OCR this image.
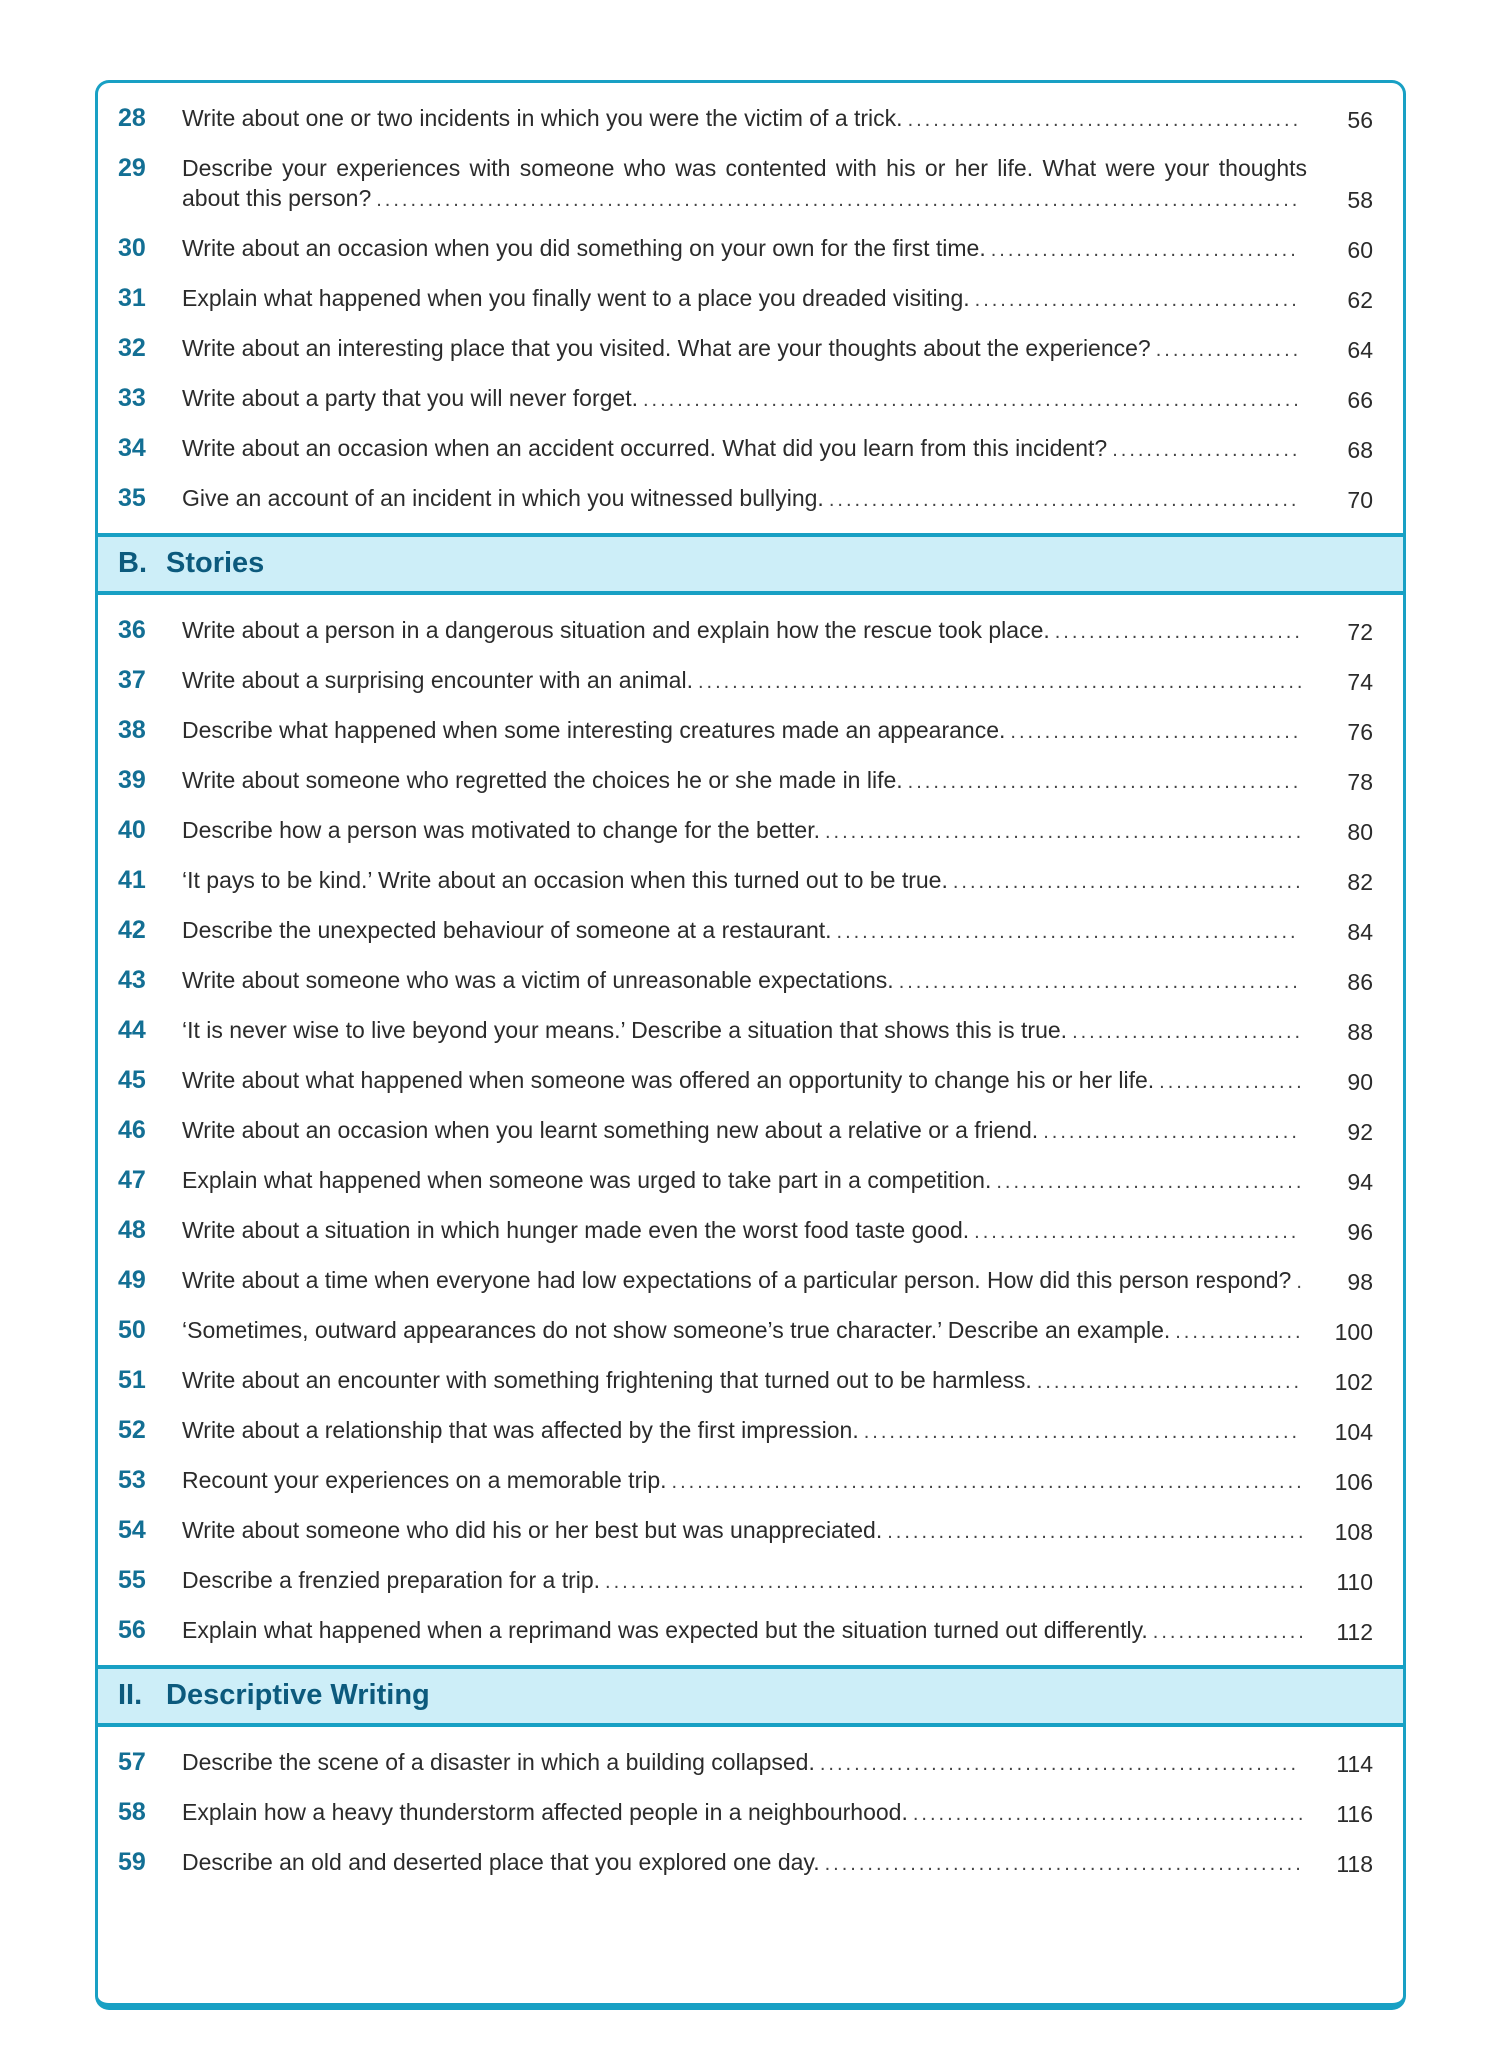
28	Write about one or two incidents in which you were the victim of a trick. .............................................. 56
29	Describe your experiences with someone who was contented with his or her life. What were your thoughts about this person? ............................................................................................................ 58
30	Write about an occasion when you did something on your own for the first time. .................................... 60
31	Explain what happened when you finally went to a place you dreaded visiting. ...................................... 62
32	Write about an interesting place that you visited. What are your thoughts about the experience? ................. 64
33	Write about a party that you will never forget. ............................................................................. 66
34	Write about an occasion when an accident occurred. What did you learn from this incident? ...................... 68
35	Give an account of an incident in which you witnessed bullying. ....................................................... 70
B. Stories
36	Write about a person in a dangerous situation and explain how the rescue took place. ............................. 72
37	Write about a surprising encounter with an animal. ....................................................................... 74
38	Describe what happened when some interesting creatures made an appearance. .................................. 76
39	Write about someone who regretted the choices he or she made in life. .............................................. 78
40	Describe how a person was motivated to change for the better. ........................................................ 80
41	‘It pays to be kind.’ Write about an occasion when this turned out to be true. ......................................... 82
42	Describe the unexpected behaviour of someone at a restaurant. ...................................................... 84
43	Write about someone who was a victim of unreasonable expectations. ............................................... 86
44	‘It is never wise to live beyond your means.’ Describe a situation that shows this is true. ........................... 88
45	Write about what happened when someone was offered an opportunity to change his or her life. ................. 90
46	Write about an occasion when you learnt something new about a relative or a friend. .............................. 92
47	Explain what happened when someone was urged to take part in a competition. .................................... 94
48	Write about a situation in which hunger made even the worst food taste good. ...................................... 96
49	Write about a time when everyone had low expectations of a particular person. How did this person respond? . 98
50	‘Sometimes, outward appearances do not show someone’s true character.’ Describe an example. ............... 100
51	Write about an encounter with something frightening that turned out to be harmless. ............................... 102
52	Write about a relationship that was affected by the first impression. ................................................... 104
53	Recount your experiences on a memorable trip. .......................................................................... 106
54	Write about someone who did his or her best but was unappreciated. ................................................. 108
55	Describe a frenzied preparation for a trip. .................................................................................. 110
56	Explain what happened when a reprimand was expected but the situation turned out differently. .................. 112
II. Descriptive Writing
57	Describe the scene of a disaster in which a building collapsed. ........................................................ 114
58	Explain how a heavy thunderstorm affected people in a neighbourhood. .............................................. 116
59	Describe an old and deserted place that you explored one day. ........................................................ 118
